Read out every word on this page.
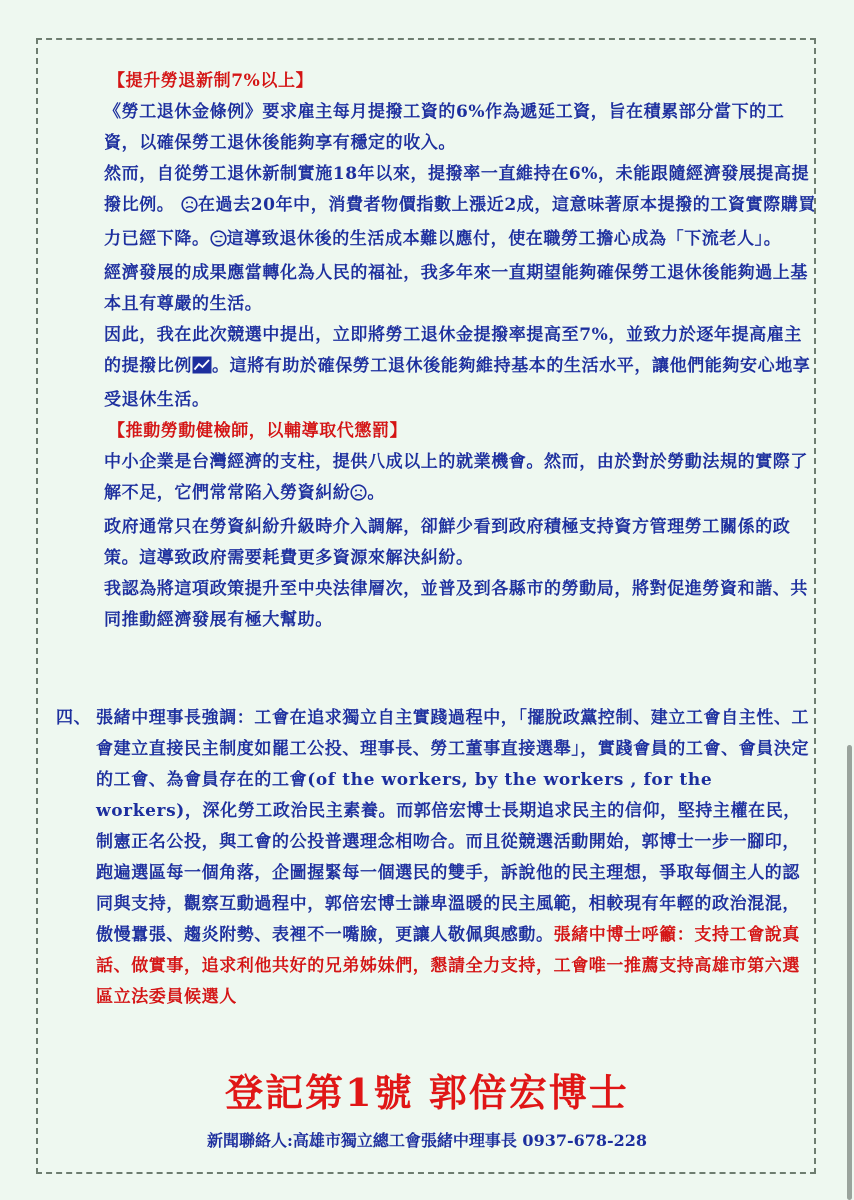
【提升勞退新制7%以上】

《勞工退休金條例》要求雇主每月提撥工資的6%作為遞延工資，旨在積累部分當下的工資，以確保勞工退休後能夠享有穩定的收入。

然而，自從勞工退休新制實施18年以來，提撥率一直維持在6%，未能跟隨經濟發展提高提撥比例。 在過去20年中，消費者物價指數上漲近2成，這意味著原本提撥的工資實際購買力已經下降。 這導致退休後的生活成本難以應付，使在職勞工擔心成為「下流老人」。

經濟發展的成果應當轉化為人民的福祉，我多年來一直期望能夠確保勞工退休後能夠過上基本且有尊嚴的生活。

因此，我在此次競選中提出，立即將勞工退休金提撥率提高至7%，並致力於逐年提高雇主的提撥比例 。這將有助於確保勞工退休後能夠維持基本的生活水平，讓他們能夠安心地享受退休生活。

【推動勞動健檢師，以輔導取代懲罰】

中小企業是台灣經濟的支柱，提供八成以上的就業機會。然而，由於對於勞動法規的實際了解不足，它們常常陷入勞資糾紛 。

政府通常只在勞資糾紛升級時介入調解，卻鮮少看到政府積極支持資方管理勞工關係的政策。這導致政府需要耗費更多資源來解決糾紛。

我認為將這項政策提升至中央法律層次，並普及到各縣市的勞動局，將對促進勞資和諧、共同推動經濟發展有極大幫助。

四、 張緒中理事長強調：工會在追求獨立自主實踐過程中，「擺脫政黨控制、建立工會自主性、工會建立直接民主制度如罷工公投、理事長、勞工董事直接選舉」，實踐會員的工會、會員決定的工會、為會員存在的工會(of the workers, by the workers , for the workers)，深化勞工政治民主素養。而郭倍宏博士長期追求民主的信仰，堅持主權在民，制憲正名公投，與工會的公投普選理念相吻合。而且從競選活動開始，郭博士一步一腳印，跑遍選區每一個角落，企圖握緊每一個選民的雙手，訴說他的民主理想，爭取每個主人的認同與支持，觀察互動過程中，郭倍宏博士謙卑溫暖的民主風範，相較現有年輕的政治混混，傲慢囂張、趨炎附勢、表裡不一嘴臉，更讓人敬佩與感動。張緒中博士呼籲：支持工會說真話、做實事，追求利他共好的兄弟姊妹們，懇請全力支持，工會唯一推薦支持高雄市第六選區立法委員候選人
登記第1號 郭倍宏博士
新聞聯絡人:高雄市獨立總工會張緒中理事長 0937-678-228
